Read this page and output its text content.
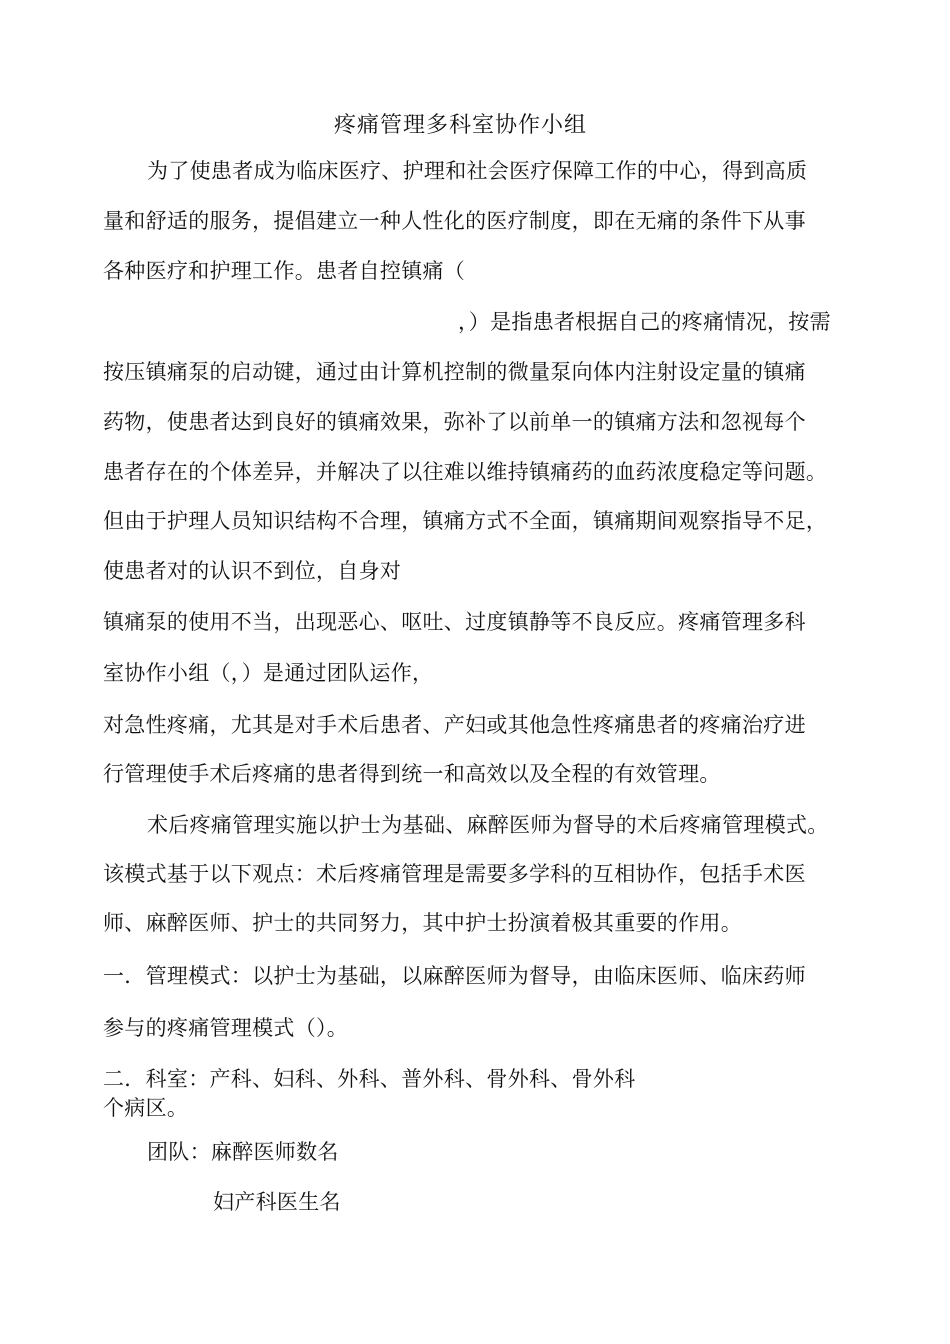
疼痛管理多科室协作小组
为了使患者成为临床医疗、护理和社会医疗保障工作的中心，得到高质
量和舒适的服务，提倡建立一种人性化的医疗制度，即在无痛的条件下从事
各种医疗和护理工作。患者自控镇痛（
，）是指患者根据自己的疼痛情况，按需
按压镇痛泵的启动键，通过由计算机控制的微量泵向体内注射设定量的镇痛
药物，使患者达到良好的镇痛效果，弥补了以前单一的镇痛方法和忽视每个
患者存在的个体差异，并解决了以往难以维持镇痛药的血药浓度稳定等问题。
但由于护理人员知识结构不合理，镇痛方式不全面，镇痛期间观察指导不足，
使患者对的认识不到位，自身对
镇痛泵的使用不当，出现恶心、呕吐、过度镇静等不良反应。疼痛管理多科
室协作小组（，）是通过团队运作，
对急性疼痛，尤其是对手术后患者、产妇或其他急性疼痛患者的疼痛治疗进
行管理使手术后疼痛的患者得到统一和高效以及全程的有效管理。
术后疼痛管理实施以护士为基础、麻醉医师为督导的术后疼痛管理模式。
该模式基于以下观点：术后疼痛管理是需要多学科的互相协作，包括手术医
师、麻醉医师、护士的共同努力，其中护士扮演着极其重要的作用。
一．管理模式：以护士为基础，以麻醉医师为督导，由临床医师、临床药师
参与的疼痛管理模式（）。
二．科室：产科、妇科、外科、普外科、骨外科、骨外科
个病区。
团队：麻醉医师数名
妇产科医生名
